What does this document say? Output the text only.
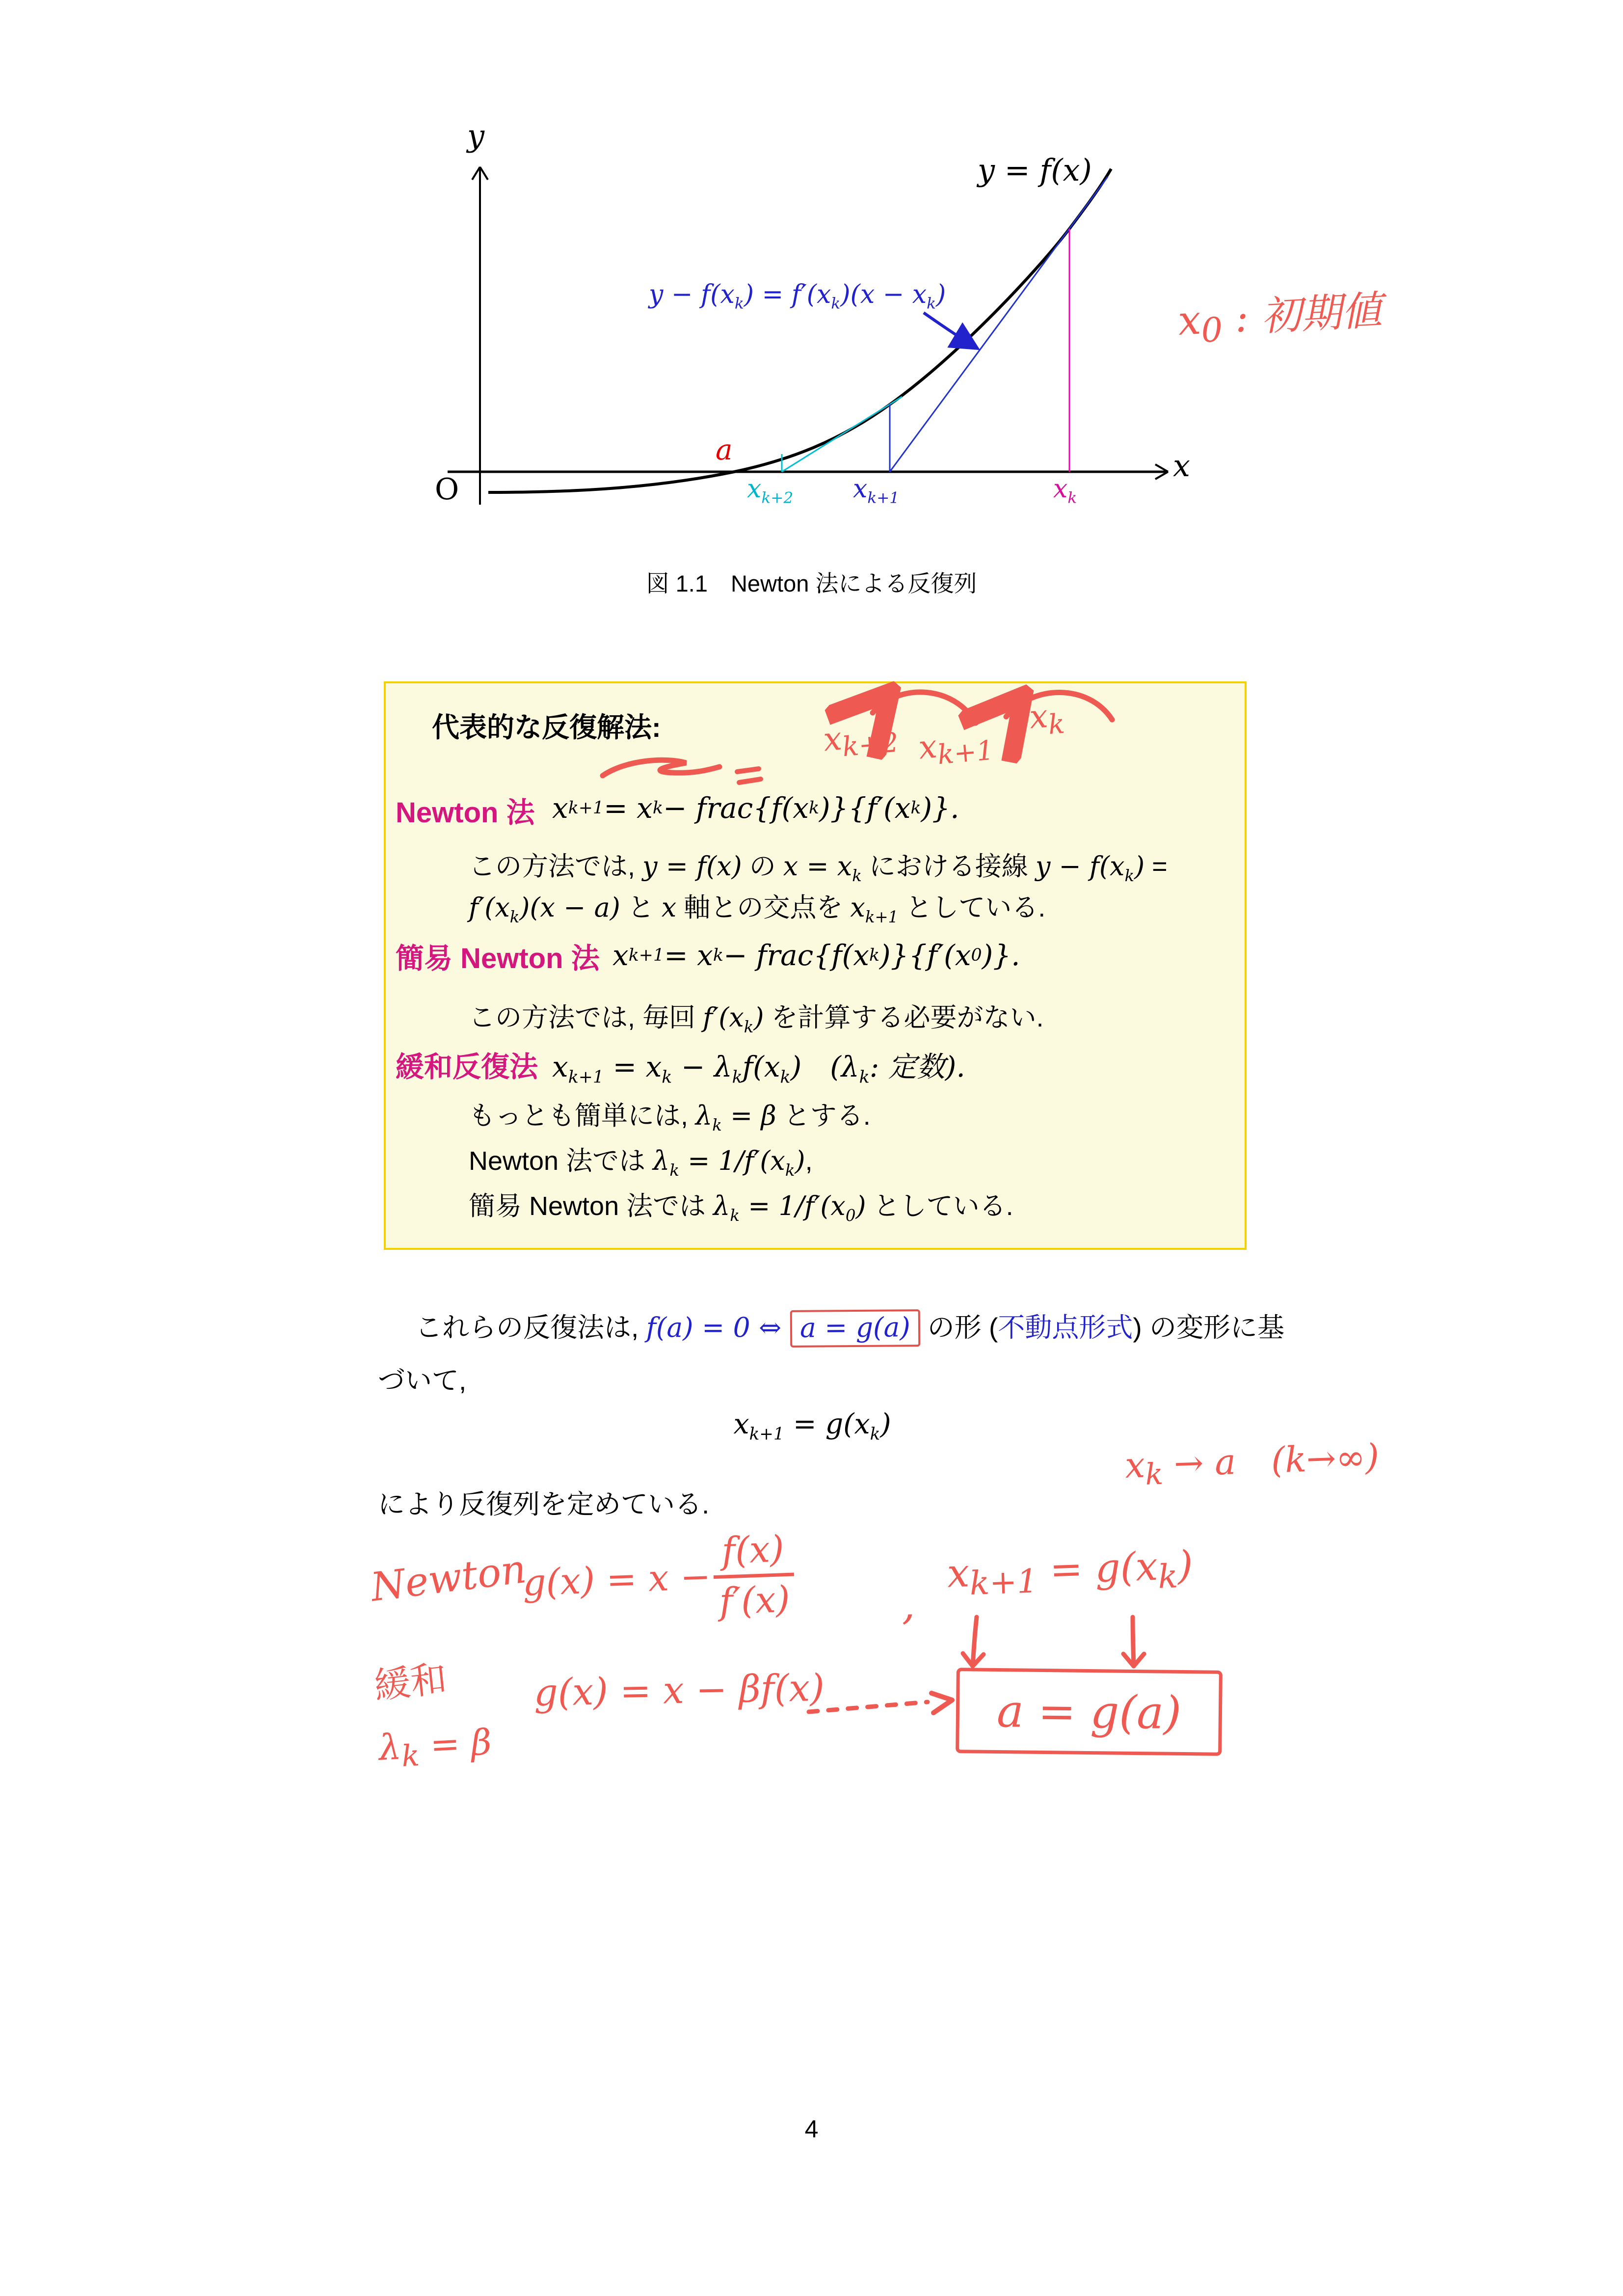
y
x
O
y = f(x)
$y - f(x_k) = f'(x_k)(x - x_k)$
a
$x_{k+2}$ $x_{k+1}$	$x_k$
$x_0$ : 初期値
図 1.1　Newton 法による反復列
代表的な反復解法:	$x_{k+2}$ $x_{k+1}$
$x_k$
Newton 法 x k+1 = x k − frac{f(x k )}{f′(x k )}.
この方法では, y = f(x) の $x = x_k$ における接線 $y - f(x_k)$ =
$f'(x_k)(x - a)$ と x 軸との交点を $x_{k+1}$ としている.
簡易 Newton 法 x k+1 = x k − frac{f(x k )}{f′(x 0 )}.
この方法では, 毎回 $f'(x_k)$ を計算する必要がない.
緩和反復法 $x_{k+1} = x_k - \lambda_kf(x_k)$　($\lambda_k$: 定数).
もっとも簡単には, $\lambda_k = \beta$ とする.
Newton 法では $\lambda_k = 1/f'(x_k)$,
簡易 Newton 法では $\lambda_k = 1/f'(x_0)$ としている.
これらの反復法は, f(a) = 0 ⇔ a = g(a) の形 (不動点形式) の変形に基
づいて,
$x_{k+1} = g(x_k)$
$x_k \to a$　(k→∞)
により反復列を定めている.
Newton
$g(x) = x - \frac{f(x)}{f'(x)}$	,
$x_{k+1} = g(x_k)$
a = g(a)
緩和
$\lambda_k = \beta$
g(x) = x − βf(x)
4
